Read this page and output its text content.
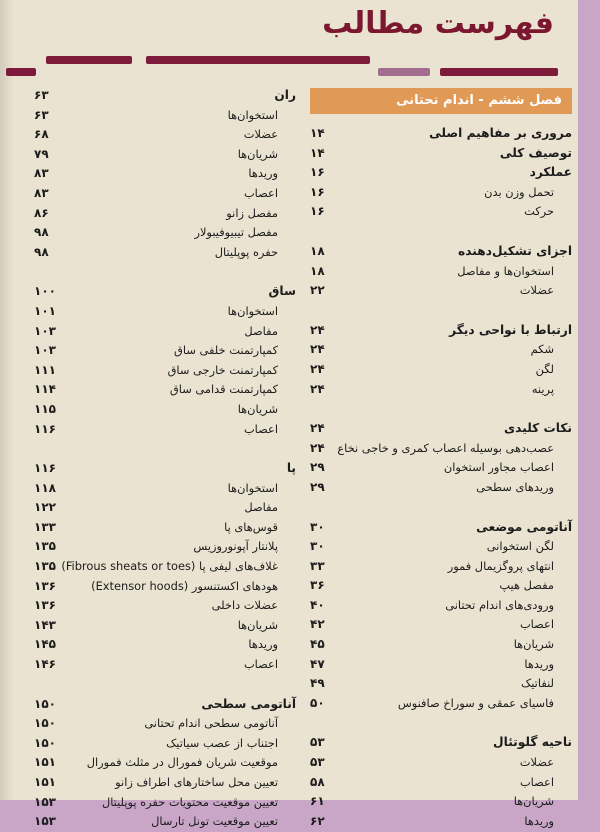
فهرست مطالب
فصل ششم - اندام تحتانی
مروری بر مفاهیم اصلی
۱۴
توصیف کلی
۱۴
عملکرد
۱۶
تحمل وزن بدن
۱۶
حرکت
۱۶
اجزای تشکیل‌دهنده
۱۸
استخوان‌ها و مفاصل
۱۸
عضلات
۲۲
ارتباط با نواحی دیگر
۲۴
شکم
۲۴
لگن
۲۴
پرینه
۲۴
نکات کلیدی
۲۴
عصب‌دهی بوسیله اعصاب کمری و خاجی نخاع
۲۴
اعصاب مجاور استخوان
۲۹
وریدهای سطحی
۲۹
آناتومی موضعی
۳۰
لگن استخوانی
۳۰
انتهای پروگزیمال فمور
۳۳
مفصل هیپ
۳۶
ورودی‌های اندام تحتانی
۴۰
اعصاب
۴۲
شریان‌ها
۴۵
وریدها
۴۷
لنفاتیک
۴۹
فاسیای عمقی و سوراخ صافنوس
۵۰
ناحیه گلوتئال
۵۳
عضلات
۵۳
اعصاب
۵۸
شریان‌ها
۶۱
وریدها
۶۲
ران
۶۳
استخوان‌ها
۶۳
عضلات
۶۸
شریان‌ها
۷۹
وریدها
۸۳
اعصاب
۸۳
مفصل زانو
۸۶
مفصل تیبیوفیبولار
۹۸
حفره پوپلیتال
۹۸
ساق
۱۰۰
استخوان‌ها
۱۰۱
مفاصل
۱۰۳
کمپارتمنت خلفی ساق
۱۰۳
کمپارتمنت خارجی ساق
۱۱۱
کمپارتمنت قدامی ساق
۱۱۴
شریان‌ها
۱۱۵
اعصاب
۱۱۶
پا
۱۱۶
استخوان‌ها
۱۱۸
مفاصل
۱۲۲
قوس‌های پا
۱۳۳
پلانتار آپونوروزیس
۱۳۵
غلاف‌های لیفی پا (Fibrous sheats or toes)
۱۳۵
هودهای اکستنسور (Extensor hoods)
۱۳۶
عضلات داخلی
۱۳۶
شریان‌ها
۱۴۳
وریدها
۱۴۵
اعصاب
۱۴۶
آناتومی سطحی
۱۵۰
آناتومی سطحی اندام تحتانی
۱۵۰
اجتناب از عصب سیاتیک
۱۵۰
موقعیت شریان فمورال در مثلث فمورال
۱۵۱
تعیین محل ساختارهای اطراف زانو
۱۵۱
تعیین موقعیت محتویات حفره پوپلیتال
۱۵۳
تعیین موقعیت تونل تارسال
۱۵۳
